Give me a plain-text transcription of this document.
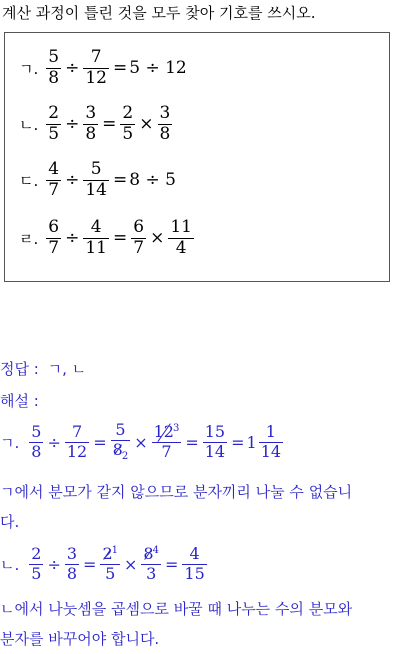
계산 과정이 틀린 것을 모두 찾아 기호를 쓰시오.
ㄱ. $\frac{5}{8} \div \frac{7}{12} = 5 \div 12$
ㄴ. $\frac{2}{5} \div \frac{3}{8} = \frac{2}{5} \times \frac{3}{8}$
ㄷ. $\frac{4}{7} \div \frac{5}{14} = 8 \div 5$
ㄹ. $\frac{6}{7} \div \frac{4}{11} = \frac{6}{7} \times \frac{11}{4}$
정답 : ㄱ, ㄴ
해설 :
ㄱ. $\frac{5}{8} \div \frac{7}{12} = \frac{5}{8_2} \times \frac{12^3}{7} = \frac{15}{14} = 1 \frac{1}{14}$
ㄱ에서 분모가 같지 않으므로 분자끼리 나눌 수 없습니
다.
ㄴ. $\frac{2}{5} \div \frac{3}{8} = \frac{2^1}{5} \times \frac{8^4}{3} = \frac{4}{15}$
ㄴ에서 나눗셈을 곱셈으로 바꿀 때 나누는 수의 분모와
분자를 바꾸어야 합니다.
